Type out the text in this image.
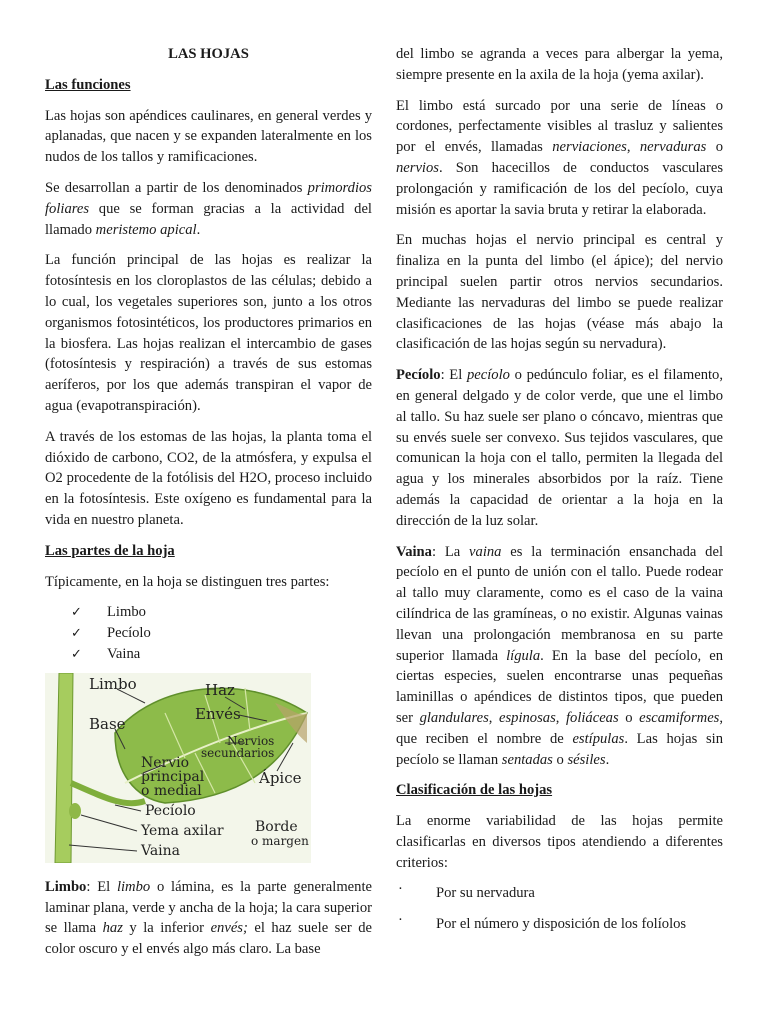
LAS HOJAS
Las funciones

Las hojas son apéndices caulinares, en general verdes y aplanadas, que nacen y se expanden lateralmente en los nudos de los tallos y ramificaciones.

Se desarrollan a partir de los denominados primordios foliares que se forman gracias a la actividad del llamado meristemo apical.

La función principal de las hojas es realizar la fotosíntesis en los cloroplastos de las células; debido a lo cual, los vegetales superiores son, junto a los otros organismos fotosintéticos, los productores primarios en la biosfera. Las hojas realizan el intercambio de gases (fotosíntesis y respiración) a través de sus estomas aeríferos, por los que además transpiran el vapor de agua (evapotranspiración).

A través de los estomas de las hojas, la planta toma el dióxido de carbono, CO2, de la atmósfera, y expulsa el O2 procedente de la fotólisis del H2O, proceso incluido en la fotosíntesis. Este oxígeno es fundamental para la vida en nuestro planeta.

Las partes de la hoja

Típicamente, en la hoja se distinguen tres partes:

✓ Limbo
✓ Pecíolo
✓ Vaina
Limbo	Haz
Envés
Base
Nervios
secundarios
Nervio
principal
o medial
Ápice
Pecíolo
Yema axilar Borde
o margen
Vaina

Limbo: El limbo o lámina, es la parte generalmente laminar plana, verde y ancha de la hoja; la cara superior se llama haz y la inferior envés; el haz suele ser de color oscuro y el envés algo más claro. La base

del limbo se agranda a veces para albergar la yema, siempre presente en la axila de la hoja (yema axilar).

El limbo está surcado por una serie de líneas o cordones, perfectamente visibles al trasluz y salientes por el envés, llamadas nerviaciones, nervaduras o nervios. Son hacecillos de conductos vasculares prolongación y ramificación de los del pecíolo, cuya misión es aportar la savia bruta y retirar la elaborada.

En muchas hojas el nervio principal es central y finaliza en la punta del limbo (el ápice); del nervio principal suelen partir otros nervios secundarios. Mediante las nervaduras del limbo se puede realizar clasificaciones de las hojas (véase más abajo la clasificación de las hojas según su nervadura).

Pecíolo: El pecíolo o pedúnculo foliar, es el filamento, en general delgado y de color verde, que une el limbo al tallo. Su haz suele ser plano o cóncavo, mientras que su envés suele ser convexo. Sus tejidos vasculares, que comunican la hoja con el tallo, permiten la llegada del agua y los minerales absorbidos por la raíz. Tiene además la capacidad de orientar a la hoja en la dirección de la luz solar.

Vaina: La vaina es la terminación ensanchada del pecíolo en el punto de unión con el tallo. Puede rodear al tallo muy claramente, como es el caso de la vaina cilíndrica de las gramíneas, o no existir. Algunas vainas llevan una prolongación membranosa en su parte superior llamada lígula. En la base del pecíolo, en ciertas especies, suelen encontrarse unas pequeñas laminillas o apéndices de distintos tipos, que pueden ser glandulares, espinosas, foliáceas o escamiformes, que reciben el nombre de estípulas. Las hojas sin pecíolo se llaman sentadas o sésiles.

Clasificación de las hojas

La enorme variabilidad de las hojas permite clasificarlas en diversos tipos atendiendo a diferentes criterios:

· Por su nervadura
· Por el número y disposición de los folíolos
